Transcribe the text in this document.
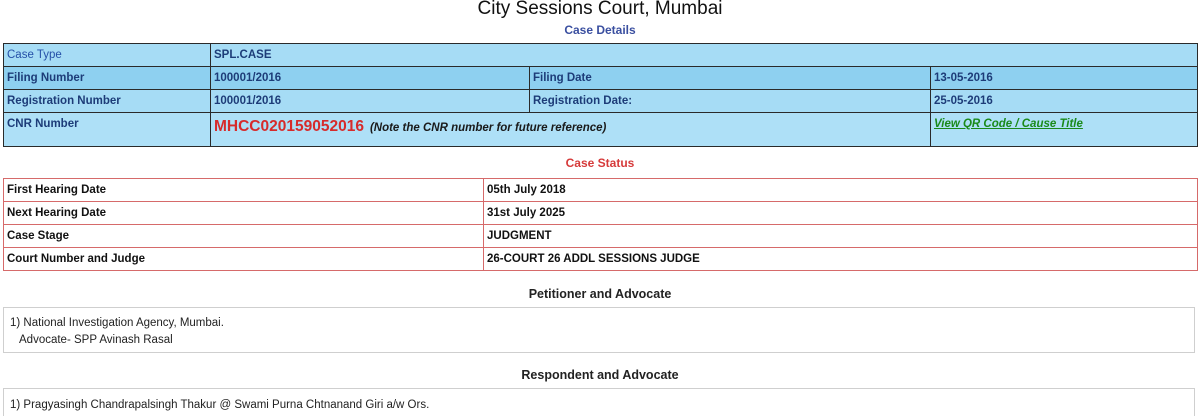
City Sessions Court, Mumbai
Case Details
Case Type	SPL.CASE		
Filing Number	100001/2016	Filing Date	13-05-2016
Registration Number	100001/2016	Registration Date:	25-05-2016
CNR Number	MHCC020159052016 (Note the CNR number for future reference)		View QR Code / Cause Title
Case Status
First Hearing Date	05th July 2018
Next Hearing Date	31st July 2025
Case Stage	JUDGMENT
Court Number and Judge	26-COURT 26 ADDL SESSIONS JUDGE
Petitioner and Advocate
1) National Investigation Agency, Mumbai.
Advocate- SPP Avinash Rasal
Respondent and Advocate
1) Pragyasingh Chandrapalsingh Thakur @ Swami Purna Chtnanand Giri a/w Ors.
